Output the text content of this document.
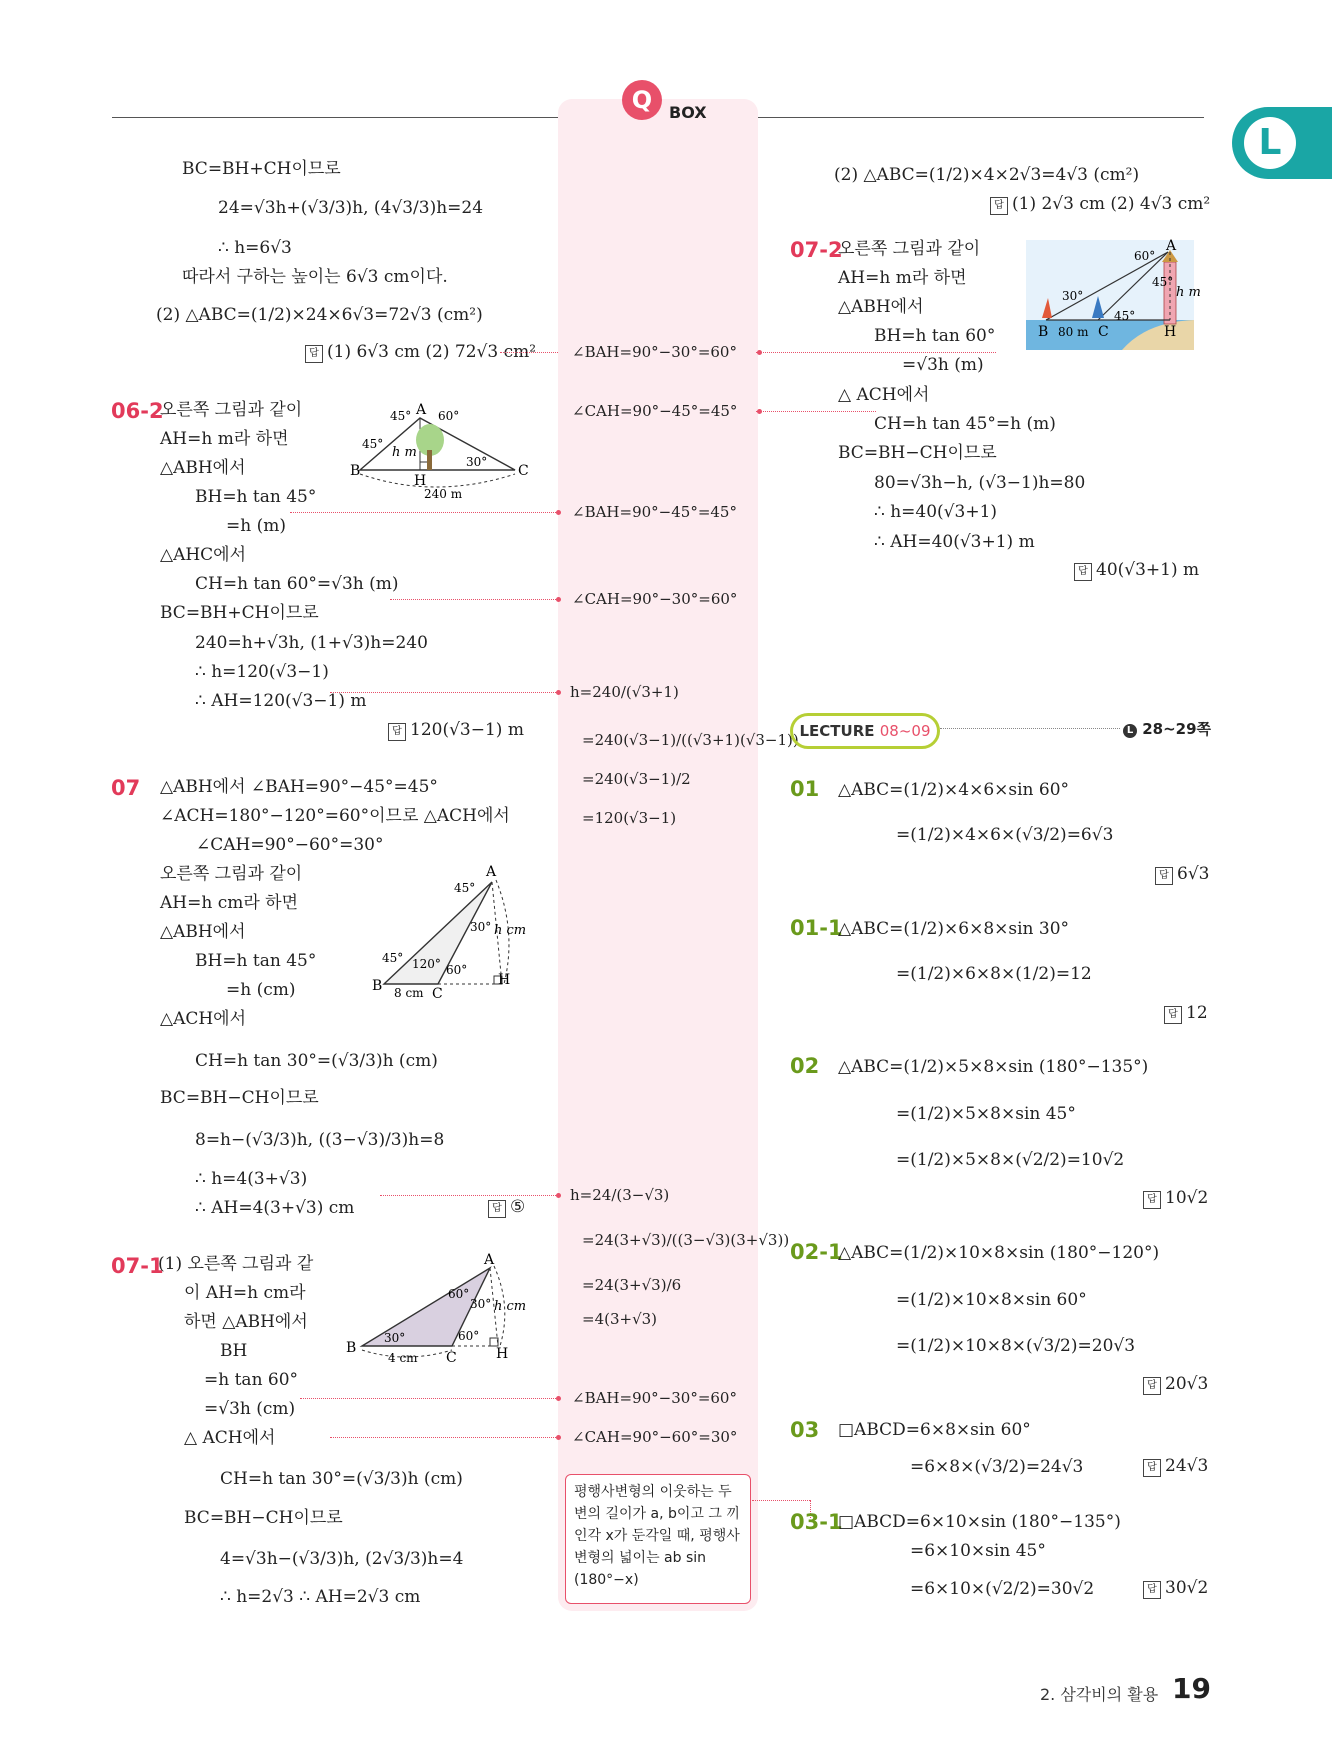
Q	BOX
L
BC=BH+CH이므로
24=√3h+(√3/3)h, (4√3/3)h=24
∴ h=6√3
따라서 구하는 높이는 6√3 cm이다.
(2) △ABC=(1/2)×24×6√3=72√3 (cm²)
답 (1) 6√3 cm (2) 72√3 cm²
06-2
오른쪽 그림과 같이
AH=h m라 하면
△ABH에서
BH=h tan 45°
=h (m)
△AHC에서
CH=h tan 60°=√3h (m)
BC=BH+CH이므로
240=h+√3h, (1+√3)h=240
∴ h=120(√3−1)
∴ AH=120(√3−1) m
답 120(√3−1) m
A
B	C
H
45° 60°
45°
30°
h m
240 m
07 △ABH에서 ∠BAH=90°−45°=45°
∠ACH=180°−120°=60°이므로 △ACH에서
∠CAH=90°−60°=30°
오른쪽 그림과 같이
AH=h cm라 하면
△ABH에서
BH=h tan 45°
=h (cm)
△ACH에서
CH=h tan 30°=(√3/3)h (cm)
BC=BH−CH이므로
8=h−(√3/3)h, ((3−√3)/3)h=8
∴ h=4(3+√3)
∴ AH=4(3+√3) cm	답 ⑤
A
B	C
H
45°
30°
45° 120° 60°
h cm
8 cm
07-1
(1) 오른쪽 그림과 같
이 AH=h cm라
하면 △ABH에서
BH
=h tan 60°
=√3h (cm)
△ ACH에서
CH=h tan 30°=(√3/3)h (cm)
BC=BH−CH이므로
4=√3h−(√3/3)h, (2√3/3)h=4
∴ h=2√3 ∴ AH=2√3 cm
A
B
C	H
60°
30°
30°	60°
h cm
4 cm
∠BAH=90°−30°=60°
∠CAH=90°−45°=45°
∠BAH=90°−45°=45°
∠CAH=90°−30°=60°
h=240/(√3+1)
=240(√3−1)/((√3+1)(√3−1))
=240(√3−1)/2
=120(√3−1)
h=24/(3−√3)
=24(3+√3)/((3−√3)(3+√3))
=24(3+√3)/6
=4(3+√3)
∠BAH=90°−30°=60°
∠CAH=90°−60°=30°
평행사변형의 이웃하는 두 변의 길이가 a, b이고 그 끼인각 x가 둔각일 때, 평행사변형의 넓이는 ab sin (180°−x)
(2) △ABC=(1/2)×4×2√3=4√3 (cm²)
답 (1) 2√3 cm (2) 4√3 cm²
07-2
오른쪽 그림과 같이
AH=h m라 하면
△ABH에서
BH=h tan 60°
=√3h (m)
△ ACH에서
CH=h tan 45°=h (m)
BC=BH−CH이므로
80=√3h−h, (√3−1)h=80
∴ h=40(√3+1)
∴ AH=40(√3+1) m
답 40(√3+1) m
A
B	C	H
60°
45°
30°
45°
h m
80 m
LECTURE 08~09	L 28~29쪽
01 △ABC=(1/2)×4×6×sin 60°
=(1/2)×4×6×(√3/2)=6√3
답 6√3
01-1
△ABC=(1/2)×6×8×sin 30°
=(1/2)×6×8×(1/2)=12
답 12
02 △ABC=(1/2)×5×8×sin (180°−135°)
=(1/2)×5×8×sin 45°
=(1/2)×5×8×(√2/2)=10√2
답 10√2
02-1
△ABC=(1/2)×10×8×sin (180°−120°)
=(1/2)×10×8×sin 60°
=(1/2)×10×8×(√3/2)=20√3
답 20√3
03 □ABCD=6×8×sin 60°
=6×8×(√3/2)=24√3	답 24√3
03-1
□ABCD=6×10×sin (180°−135°)
=6×10×sin 45°
=6×10×(√2/2)=30√2	답 30√2
2. 삼각비의 활용 19
